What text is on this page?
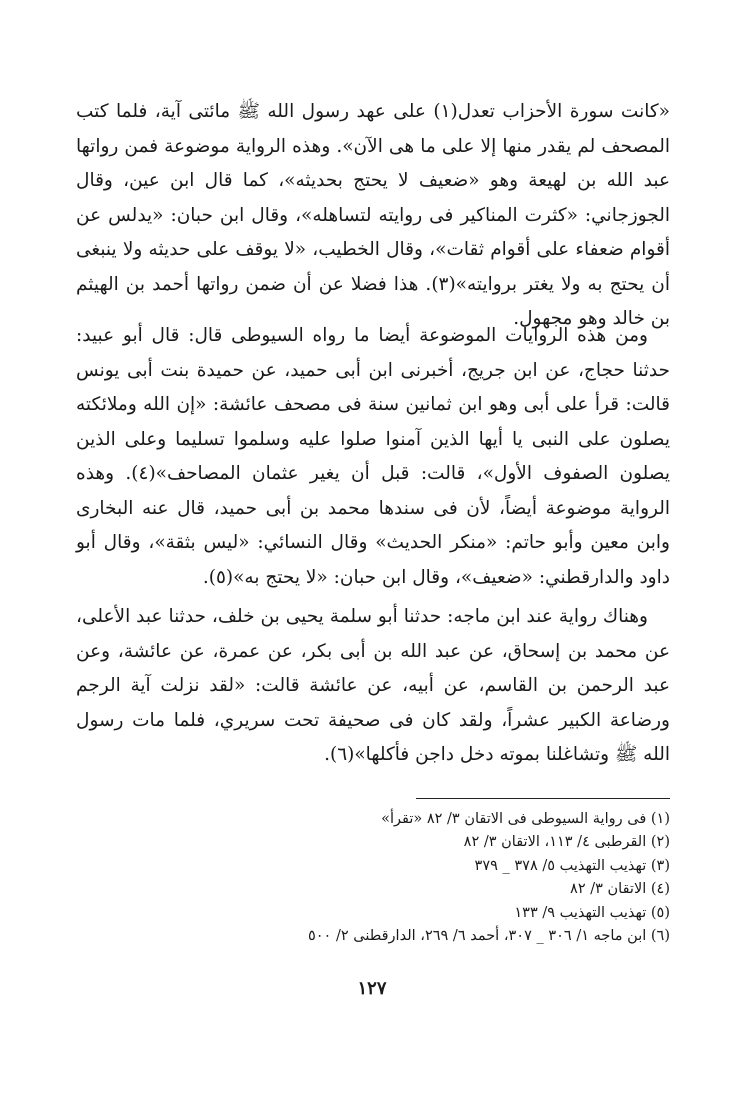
«كانت سورة الأحزاب تعدل(١) على عهد رسول الله ﷺ مائتى آية، فلما كتب المصحف لم يقدر منها إلا على ما هى الآن». وهذه الرواية موضوعة فمن رواتها عبد الله بن لهيعة وهو «ضعيف لا يحتج بحديثه»، كما قال ابن عين، وقال الجوزجاني: «كثرت المناكير فى روايته لتساهله»، وقال ابن حبان: «يدلس عن أقوام ضعفاء على أقوام ثقات»، وقال الخطيب، «لا يوقف على حديثه ولا ينبغى أن يحتج به ولا يغتر بروايته»(٣). هذا فضلا عن أن ضمن رواتها أحمد بن الهيثم بن خالد وهو مجهول.

ومن هذه الروايات الموضوعة أيضا ما رواه السيوطى قال: قال أبو عبيد: حدثنا حجاج، عن ابن جريج، أخبرنى ابن أبى حميد، عن حميدة بنت أبى يونس قالت: قرأ على أبى وهو ابن ثمانين سنة فى مصحف عائشة: «إن الله وملائكته يصلون على النبى يا أيها الذين آمنوا صلوا عليه وسلموا تسليما وعلى الذين يصلون الصفوف الأول»، قالت: قبل أن يغير عثمان المصاحف»(٤). وهذه الرواية موضوعة أيضاً، لأن فى سندها محمد بن أبى حميد، قال عنه البخارى وابن معين وأبو حاتم: «منكر الحديث» وقال النسائي: «ليس بثقة»، وقال أبو داود والدارقطني: «ضعيف»، وقال ابن حبان: «لا يحتج به»(٥).

وهناك رواية عند ابن ماجه: حدثنا أبو سلمة يحيى بن خلف، حدثنا عبد الأعلى، عن محمد بن إسحاق، عن عبد الله بن أبى بكر، عن عمرة، عن عائشة، وعن عبد الرحمن بن القاسم، عن أبيه، عن عائشة قالت: «لقد نزلت آية الرجم ورضاعة الكبير عشراً، ولقد كان فى صحيفة تحت سريري، فلما مات رسول الله ﷺ وتشاغلنا بموته دخل داجن فأكلها»(٦).

(١) فى رواية السيوطى فى الاتقان ٣/ ٨٢ «تقرأ»
(٢) القرطبى ٤/ ١١٣، الاتقان ٣/ ٨٢
(٣) تهذيب التهذيب ٥/ ٣٧٨ _ ٣٧٩
(٤) الاتقان ٣/ ٨٢
(٥) تهذيب التهذيب ٩/ ١٣٣
(٦) ابن ماجه ١/ ٣٠٦ _ ٣٠٧، أحمد ٦/ ٢٦٩، الدارقطنى ٢/ ٥٠٠
١٢٧
